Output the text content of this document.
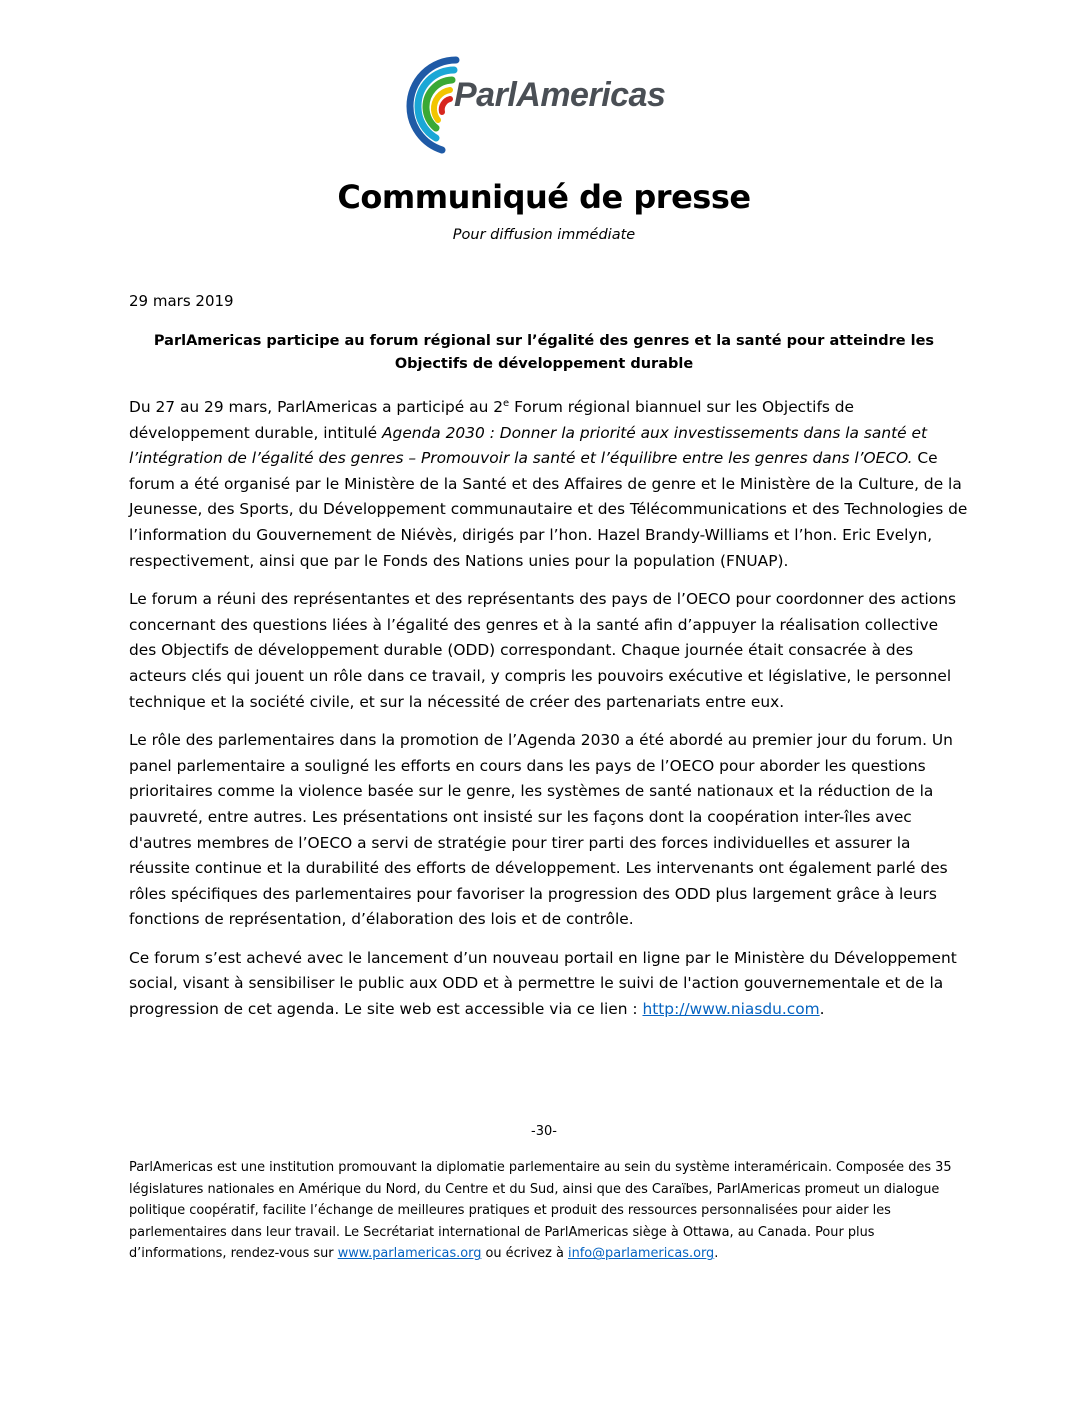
ParlAmericas
Communiqué de presse
Pour diffusion immédiate
29 mars 2019
ParlAmericas participe au forum régional sur l’égalité des genres et la santé pour atteindre les Objectifs de développement durable

Du 27 au 29 mars, ParlAmericas a participé au 2e Forum régional biannuel sur les Objectifs de développement durable, intitulé Agenda 2030 : Donner la priorité aux investissements dans la santé et l’intégration de l’égalité des genres – Promouvoir la santé et l’équilibre entre les genres dans l’OECO. Ce forum a été organisé par le Ministère de la Santé et des Affaires de genre et le Ministère de la Culture, de la Jeunesse, des Sports, du Développement communautaire et des Télécommunications et des Technologies de l’information du Gouvernement de Niévès, dirigés par l’hon. Hazel Brandy-Williams et l’hon. Eric Evelyn, respectivement, ainsi que par le Fonds des Nations unies pour la population (FNUAP).

Le forum a réuni des représentantes et des représentants des pays de l’OECO pour coordonner des actions concernant des questions liées à l’égalité des genres et à la santé afin d’appuyer la réalisation collective des Objectifs de développement durable (ODD) correspondant. Chaque journée était consacrée à des acteurs clés qui jouent un rôle dans ce travail, y compris les pouvoirs exécutive et législative, le personnel technique et la société civile, et sur la nécessité de créer des partenariats entre eux.

Le rôle des parlementaires dans la promotion de l’Agenda 2030 a été abordé au premier jour du forum. Un panel parlementaire a souligné les efforts en cours dans les pays de l’OECO pour aborder les questions prioritaires comme la violence basée sur le genre, les systèmes de santé nationaux et la réduction de la pauvreté, entre autres. Les présentations ont insisté sur les façons dont la coopération inter-îles avec d'autres membres de l’OECO a servi de stratégie pour tirer parti des forces individuelles et assurer la réussite continue et la durabilité des efforts de développement. Les intervenants ont également parlé des rôles spécifiques des parlementaires pour favoriser la progression des ODD plus largement grâce à leurs fonctions de représentation, d’élaboration des lois et de contrôle.

Ce forum s’est achevé avec le lancement d’un nouveau portail en ligne par le Ministère du Développement social, visant à sensibiliser le public aux ODD et à permettre le suivi de l'action gouvernementale et de la progression de cet agenda. Le site web est accessible via ce lien : http://www.niasdu.com.

-30-
ParlAmericas est une institution promouvant la diplomatie parlementaire au sein du système interaméricain. Composée des 35 législatures nationales en Amérique du Nord, du Centre et du Sud, ainsi que des Caraïbes, ParlAmericas promeut un dialogue politique coopératif, facilite l’échange de meilleures pratiques et produit des ressources personnalisées pour aider les parlementaires dans leur travail. Le Secrétariat international de ParlAmericas siège à Ottawa, au Canada. Pour plus d’informations, rendez-vous sur www.parlamericas.org ou écrivez à info@parlamericas.org.
